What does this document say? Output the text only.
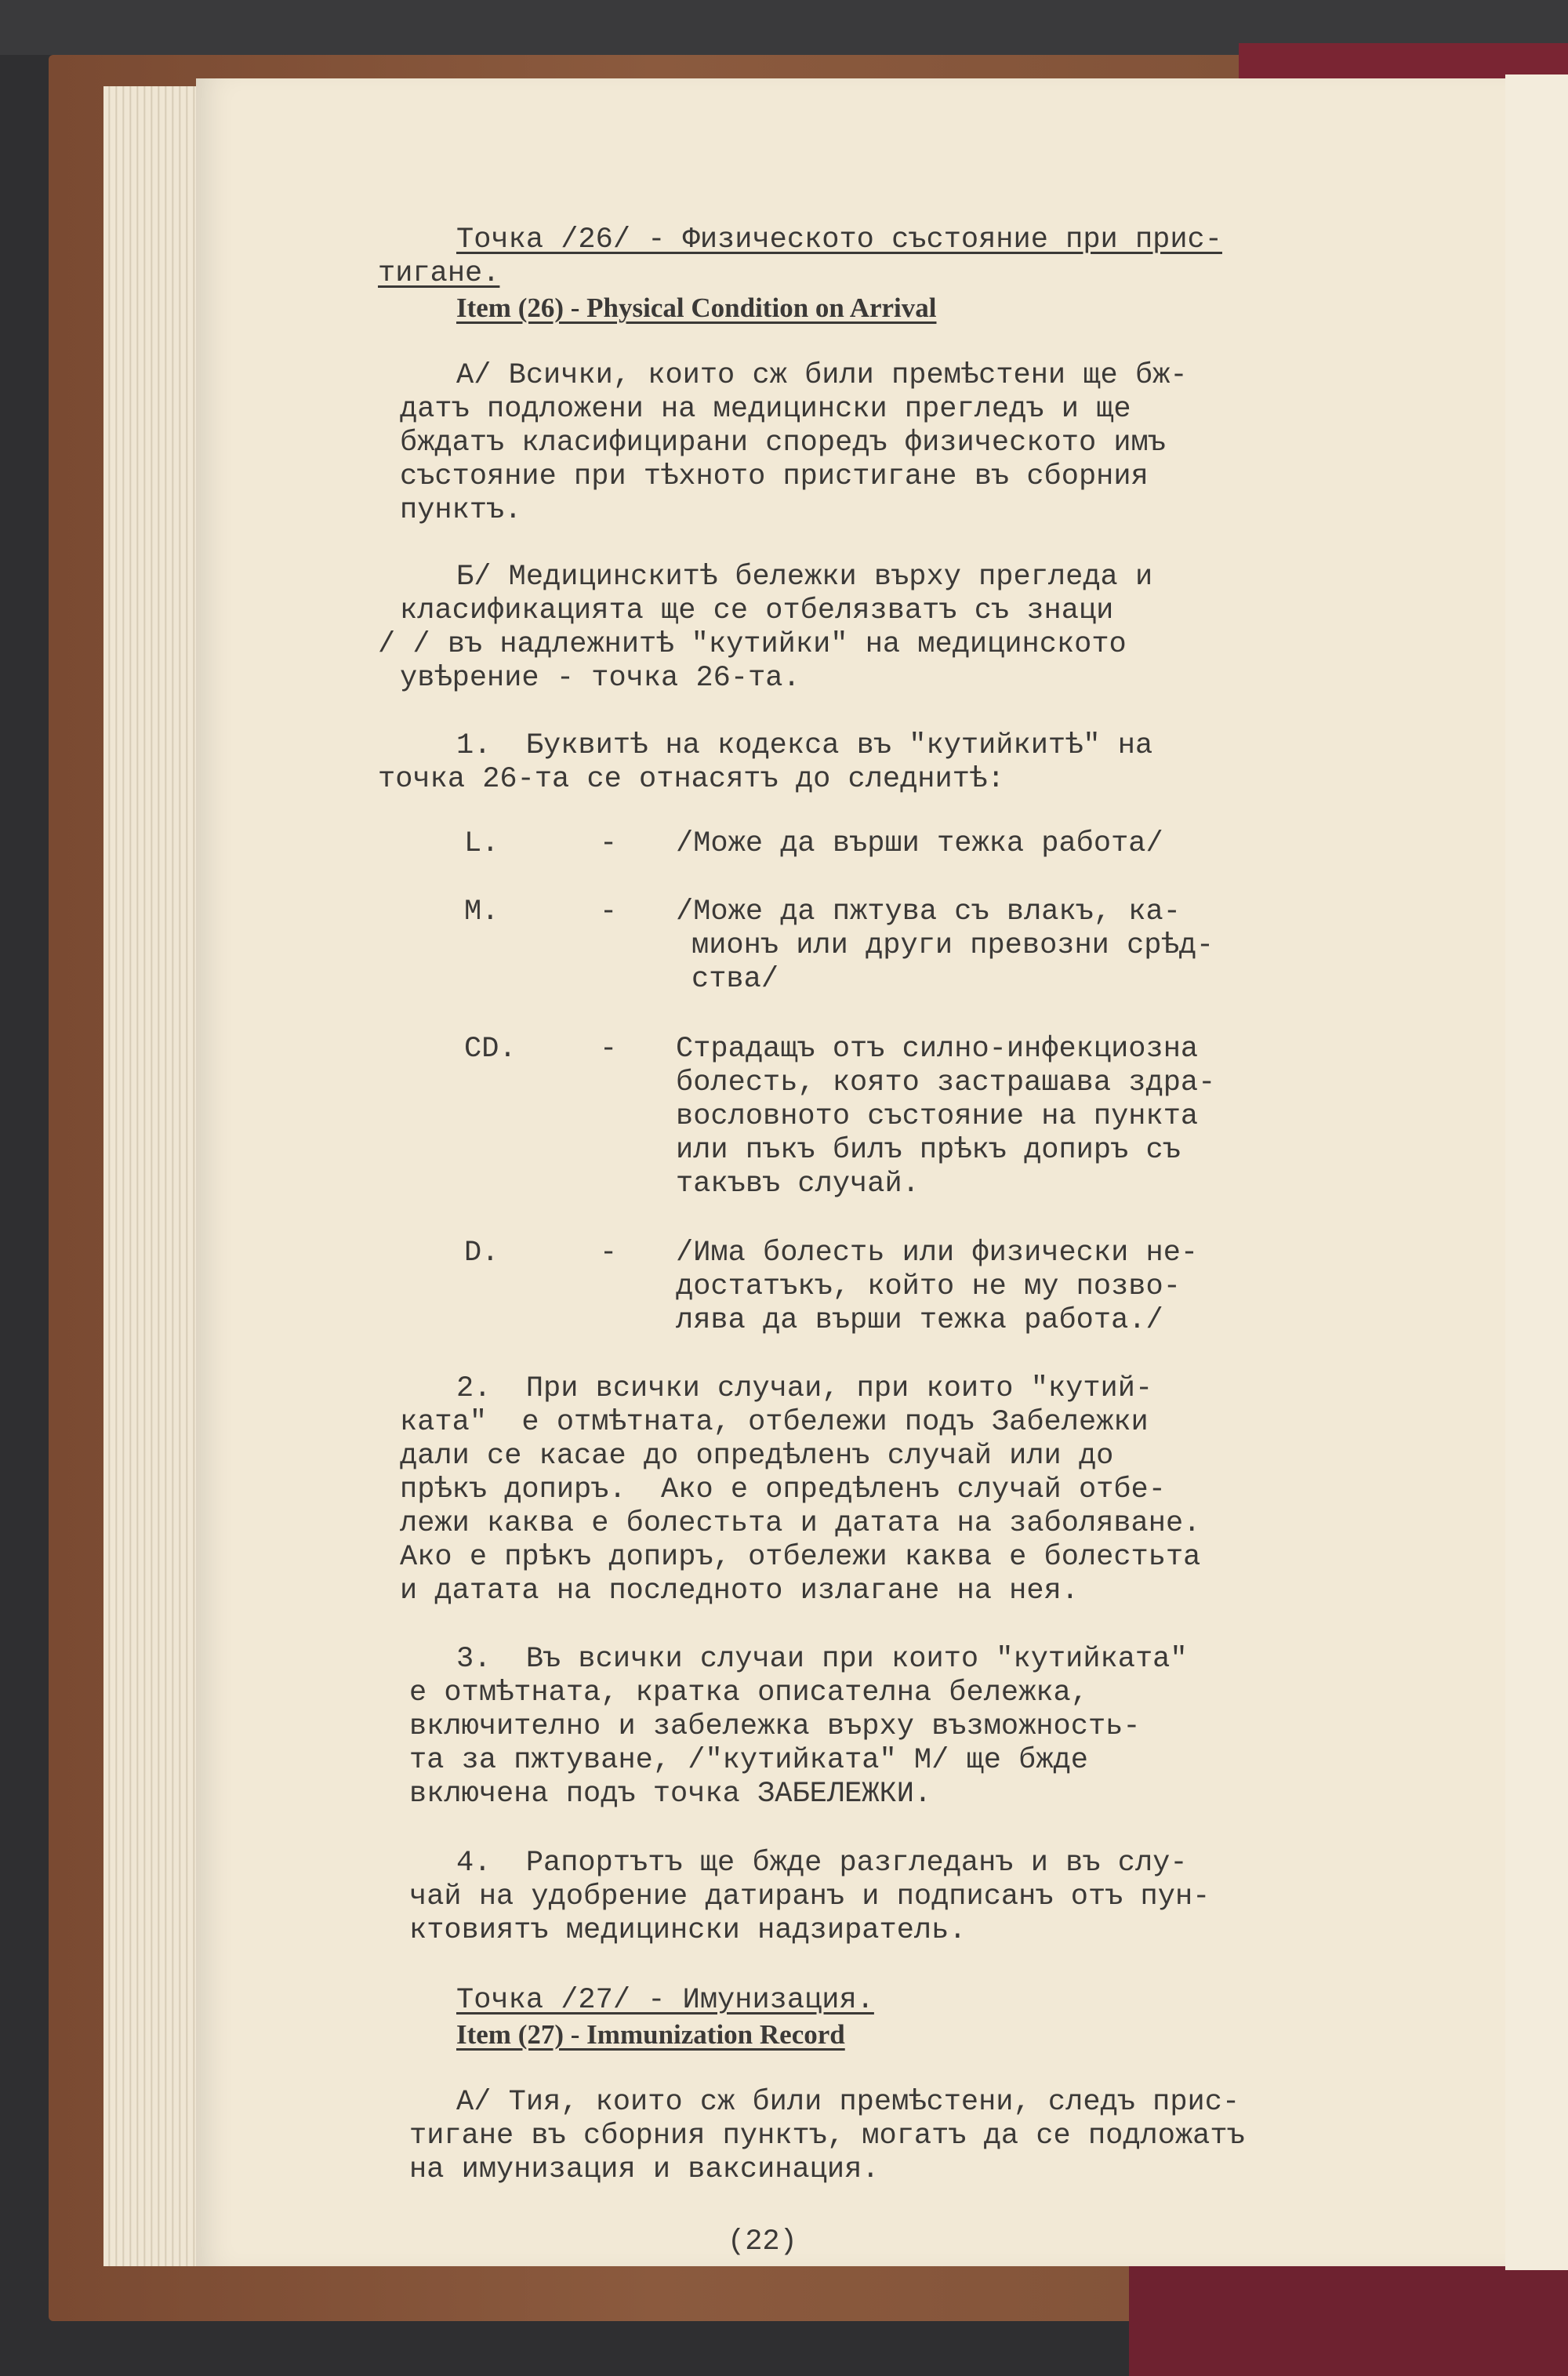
Точка /26/ - Физическото състояние при прис-
тигане.
Item (26) - Physical Condition on Arrival
А/ Всички, които сж били премѣстени ще бж-
датъ подложени на медицински прегледъ и ще
бждатъ класифицирани споредъ физическото имъ
състояние при тѣхното пристигане въ сборния
пунктъ.
Б/ Медицинскитѣ бележки върху прегледа и
класификацията ще се отбелязватъ съ знаци
/ / въ надлежнитѣ "кутийки" на медицинското
увѣрение - точка 26-та.
1.  Буквитѣ на кодекса въ "кутийкитѣ" на
точка 26-та се отнасятъ до следнитѣ:
L.	- /Може да върши тежка работа/
M.	- /Може да пжтува съ влакъ, ка-
мионъ или други превозни срѣд-
ства/
CD.	- Страдащъ отъ силно-инфекциозна
болесть, която застрашава здра-
вословното състояние на пункта
или пъкъ билъ прѣкъ допиръ съ
такъвъ случай.
D.	- /Има болесть или физически не-
достатъкъ, който не му позво-
лява да върши тежка работа./
2.  При всички случаи, при които "кутий-
ката"  е отмѣтната, отбележи подъ Забележки
дали се касае до опредѣленъ случай или до
прѣкъ допиръ.  Ако е опредѣленъ случай отбе-
лежи каква е болестьта и датата на заболяване.
Ако е прѣкъ допиръ, отбележи каква е болестьта
и датата на последното излагане на нея.
3.  Въ всички случаи при които "кутийката"
е отмѣтната, кратка описателна бележка,
включително и забележка върху възможность-
та за пжтуване, /"кутийката" M/ ще бжде
включена подъ точка ЗАБЕЛЕЖКИ.
4.  Рапортътъ ще бжде разгледанъ и въ слу-
чай на удобрение датиранъ и подписанъ отъ пун-
ктовиятъ медицински надзиратель.
Точка /27/ - Имунизация.
Item (27) - Immunization Record
А/ Тия, които сж били премѣстени, следъ прис-
тигане въ сборния пунктъ, могатъ да се подложатъ
на имунизация и ваксинация.
(22)
